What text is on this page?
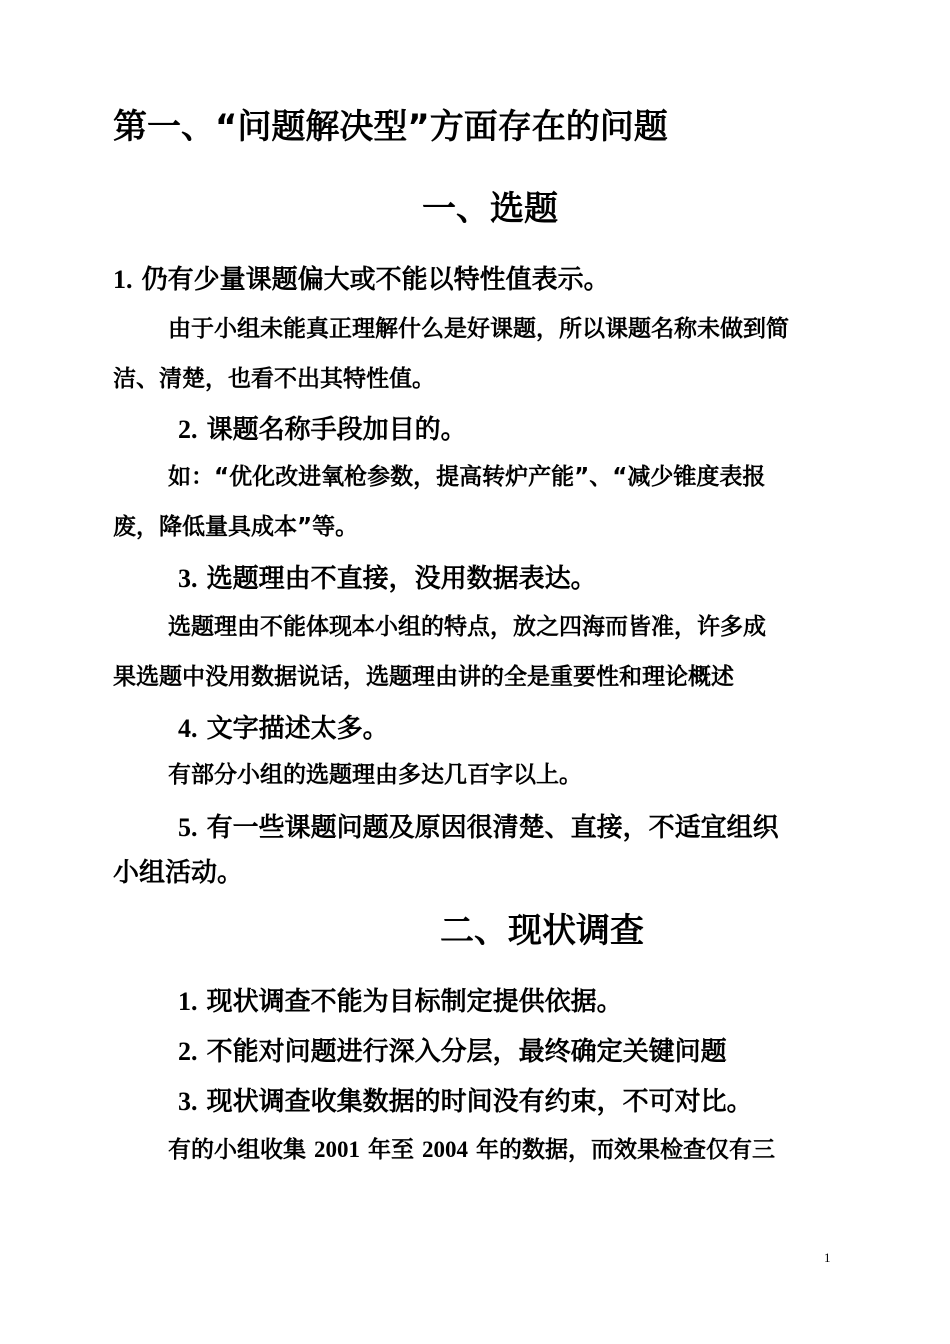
第一、“问题解决型”方面存在的问题
一、选题
1. 仍有少量课题偏大或不能以特性值表示。
由于小组未能真正理解什么是好课题，所以课题名称未做到简
洁、清楚，也看不出其特性值。
2. 课题名称手段加目的。
如：“优化改进氧枪参数，提高转炉产能”、“减少锥度表报
废，降低量具成本”等。
3. 选题理由不直接，没用数据表达。
选题理由不能体现本小组的特点，放之四海而皆准，许多成
果选题中没用数据说话，选题理由讲的全是重要性和理论概述
4. 文字描述太多。
有部分小组的选题理由多达几百字以上。
5. 有一些课题问题及原因很清楚、直接，不适宜组织
小组活动。
二、现状调查
1. 现状调查不能为目标制定提供依据。
2. 不能对问题进行深入分层，最终确定关键问题
3. 现状调查收集数据的时间没有约束，不可对比。
有的小组收集 2001 年至 2004 年的数据，而效果检查仅有三
1
